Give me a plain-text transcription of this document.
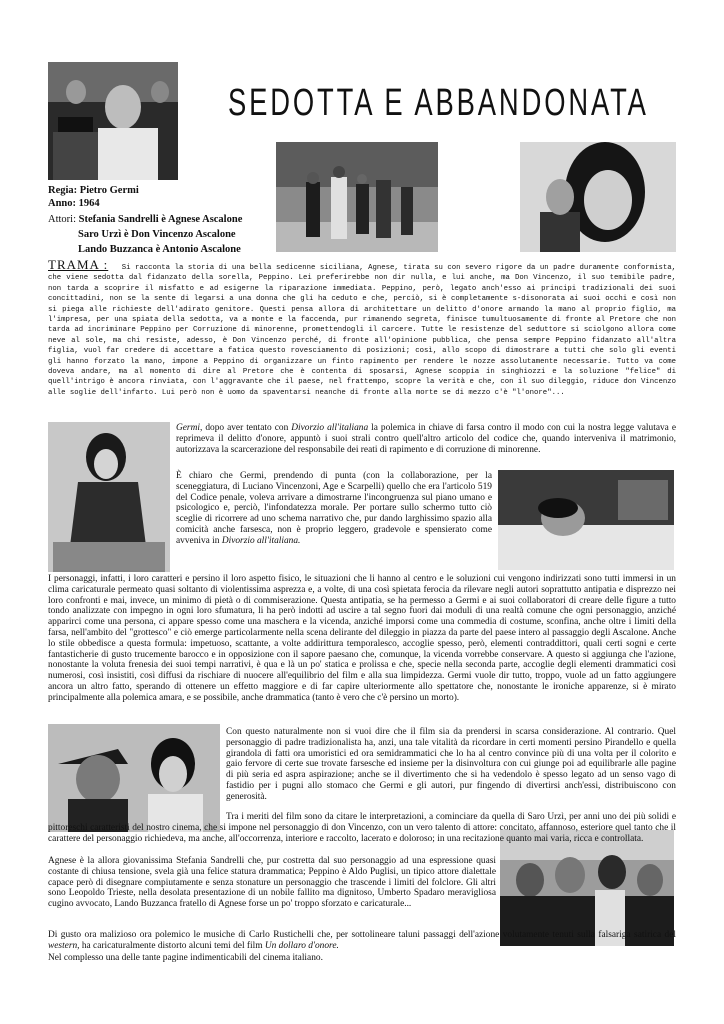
SEDOTTA E ABBANDONATA
Regia: Pietro Germi
Anno: 1964
Attori: Stefania Sandrelli è Agnese Ascalone
Saro Urzì è Don Vincenzo Ascalone
Lando Buzzanca è Antonio Ascalone
TRAMA : Si racconta la storia di una bella sedicenne siciliana, Agnese, tirata su con severo rigore da un padre duramente conformista, che viene sedotta dal fidanzato della sorella, Peppino. Lei preferirebbe non dir nulla, e lui anche, ma Don Vincenzo, il suo temibile padre, non tarda a scoprire il misfatto e ad esigerne la riparazione immediata. Peppino, però, legato anch'esso ai principi tradizionali dei suoi concittadini, non se la sente di legarsi a una donna che gli ha ceduto e che, perciò, si è completamente s-disonorata ai suoi occhi e così non si piega alle richieste dell'adirato genitore. Questi pensa allora di architettare un delitto d'onore armando la mano al proprio figlio, ma l'impresa, per una spiata della sedotta, va a monte e la faccenda, pur rimanendo segreta, finisce tumultuosamente di fronte al Pretore che non tarda ad incriminare Peppino per Corruzione di minorenne, promettendogli il carcere. Tutte le resistenze del seduttore si sciolgono allora come neve al sole, ma chi resiste, adesso, è Don Vincenzo perché, di fronte all'opinione pubblica, che pensa sempre Peppino fidanzato all'altra figlia, vuol far credere di accettare a fatica questo rovesciamento di posizioni; così, allo scopo di dimostrare a tutti che solo gli eventi gli hanno forzato la mano, impone a Peppino di organizzare un finto rapimento per rendere le nozze assolutamente necessarie. Tutto va come doveva andare, ma al momento di dire al Pretore che è contenta di sposarsi, Agnese scoppia in singhiozzi e la soluzione "felice" di quell'intrigo è ancora rinviata, con l'aggravante che il paese, nel frattempo, scopre la verità e che, con il suo dileggio, riduce don Vincenzo alle soglie dell'infarto. Lui però non è uomo da spaventarsi neanche di fronte alla morte se di mezzo c'è "l'onore"...
Germi, dopo aver tentato con Divorzio all'italiana la polemica in chiave di farsa contro il modo con cui la nostra legge valutava e reprimeva il delitto d'onore, appuntò i suoi strali contro quell'altro articolo del codice che, quando interveniva il matrimonio, autorizzava la scarcerazione del responsabile dei reati di rapimento e di corruzione di minorenne.
È chiaro che Germi, prendendo di punta (con la collaborazione, per la sceneggiatura, di Luciano Vincenzoni, Age e Scarpelli) quello che era l'articolo 519 del Codice penale, voleva arrivare a dimostrarne l'incongruenza sul piano umano e psicologico e, perciò, l'infondatezza morale. Per portare sullo schermo tutto ciò sceglie di ricorrere ad uno schema narrativo che, pur dando larghissimo spazio alla comicità anche farsesca, non è proprio leggero, gradevole e spensierato come avveniva in Divorzio all'italiana.
I personaggi, infatti, i loro caratteri e persino il loro aspetto fisico, le situazioni che li hanno al centro e le soluzioni cui vengono indirizzati sono tutti immersi in un clima caricaturale permeato quasi soltanto di violentissima asprezza e, a volte, di una così spietata ferocia da rilevare negli autori soprattutto antipatia e disprezzo nei loro confronti e mai, invece, un minimo di pietà o di commiserazione. Questa antipatia, se ha permesso a Germi e ai suoi collaboratori di creare delle figure a tutto tondo analizzate con impegno in ogni loro sfumatura, li ha però indotti ad uscire a tal segno fuori dai moduli di una realtà comune che ogni personaggio, anziché apparirci come una persona, ci appare spesso come una maschera e la vicenda, anziché imporsi come una commedia di costume, sconfina, anche oltre i limiti della farsa, nell'ambito del "grottesco" e ciò emerge particolarmente nella scena delirante del dileggio in piazza da parte del paese intero al passaggio degli Ascalone. Anche lo stile obbedisce a questa formula: impetuoso, scattante, a volte addirittura temporalesco, accoglie spesso, però, elementi contraddittori, quali certi sogni e certe fantasticherie di gusto trucemente barocco e in opposizione con il sapore paesano che, comunque, la vicenda vorrebbe conservare. A questo si aggiunga che l'azione, nonostante la voluta frenesia dei suoi tempi narrativi, è qua e là un po' statica e prolissa e che, specie nella seconda parte, accoglie degli elementi drammatici così numerosi, così insistiti, così diffusi da rischiare di nuocere all'equilibrio del film e alla sua limpidezza. Germi vuole dir tutto, troppo, vuole ad un fatto aggiungere ancora un altro fatto, sperando di ottenere un effetto maggiore e di far capire ulteriormente allo spettatore che, nonostante le ironiche apparenze, si è mirato principalmente alla polemica amara, e se possibile, anche drammatica (tanto è vero che c'è persino un morto).
Con questo naturalmente non si vuoi dire che il film sia da prendersi in scarsa considerazione. Al contrario. Quel personaggio di padre tradizionalista ha, anzi, una tale vitalità da ricordare in certi momenti persino Pirandello e quella girandola di fatti ora umoristici ed ora semidrammatici che lo ha al centro convince più di una volta per il colorito e gaio fervore di certe sue trovate farsesche ed insieme per la disinvoltura con cui giunge poi ad equilibrarle alle pagine di più seria ed aspra aspirazione; anche se il divertimento che si ha vedendolo è spesso legato ad un senso vago di fastidio per i pugni allo stomaco che Germi e gli autori, pur fingendo di divertirsi anch'essi, distribuiscono con generosità.
Tra i meriti del film sono da citare le interpretazioni, a cominciare da quella di Saro Urzì, per anni uno dei più solidi e pittoreschi caratteristi del nostro cinema, che si impone nel personaggio di don Vincenzo, con un vero talento di attore: concitato, affannoso, esteriore quel tanto che il carattere del personaggio richiedeva, ma anche, all'occorrenza, interiore e raccolto, lacerato e doloroso; in una recitazione quanto mai varia, ricca e controllata.
Agnese è la allora giovanissima Stefania Sandrelli che, pur costretta dal suo personaggio ad una espressione quasi costante di chiusa tensione, svela già una felice statura drammatica; Peppino è Aldo Puglisi, un tipico attore dialettale capace però di disegnare compiutamente e senza stonature un personaggio che trascende i limiti del folclore. Gli altri sono Leopoldo Trieste, nella desolata presentazione di un nobile fallito ma dignitoso, Umberto Spadaro meravigliosa cugino avvocato, Lando Buzzanca fratello di Agnese forse un po' troppo sforzato e caricaturale...
Di gusto ora malizioso ora polemico le musiche di Carlo Rustichelli che, per sottolineare taluni passaggi dell'azione volutamente tenuti sulla falsariga satirica del western, ha caricaturalmente distorto alcuni temi del film Un dollaro d'onore.
Nel complesso una delle tante pagine indimenticabili del cinema italiano.
